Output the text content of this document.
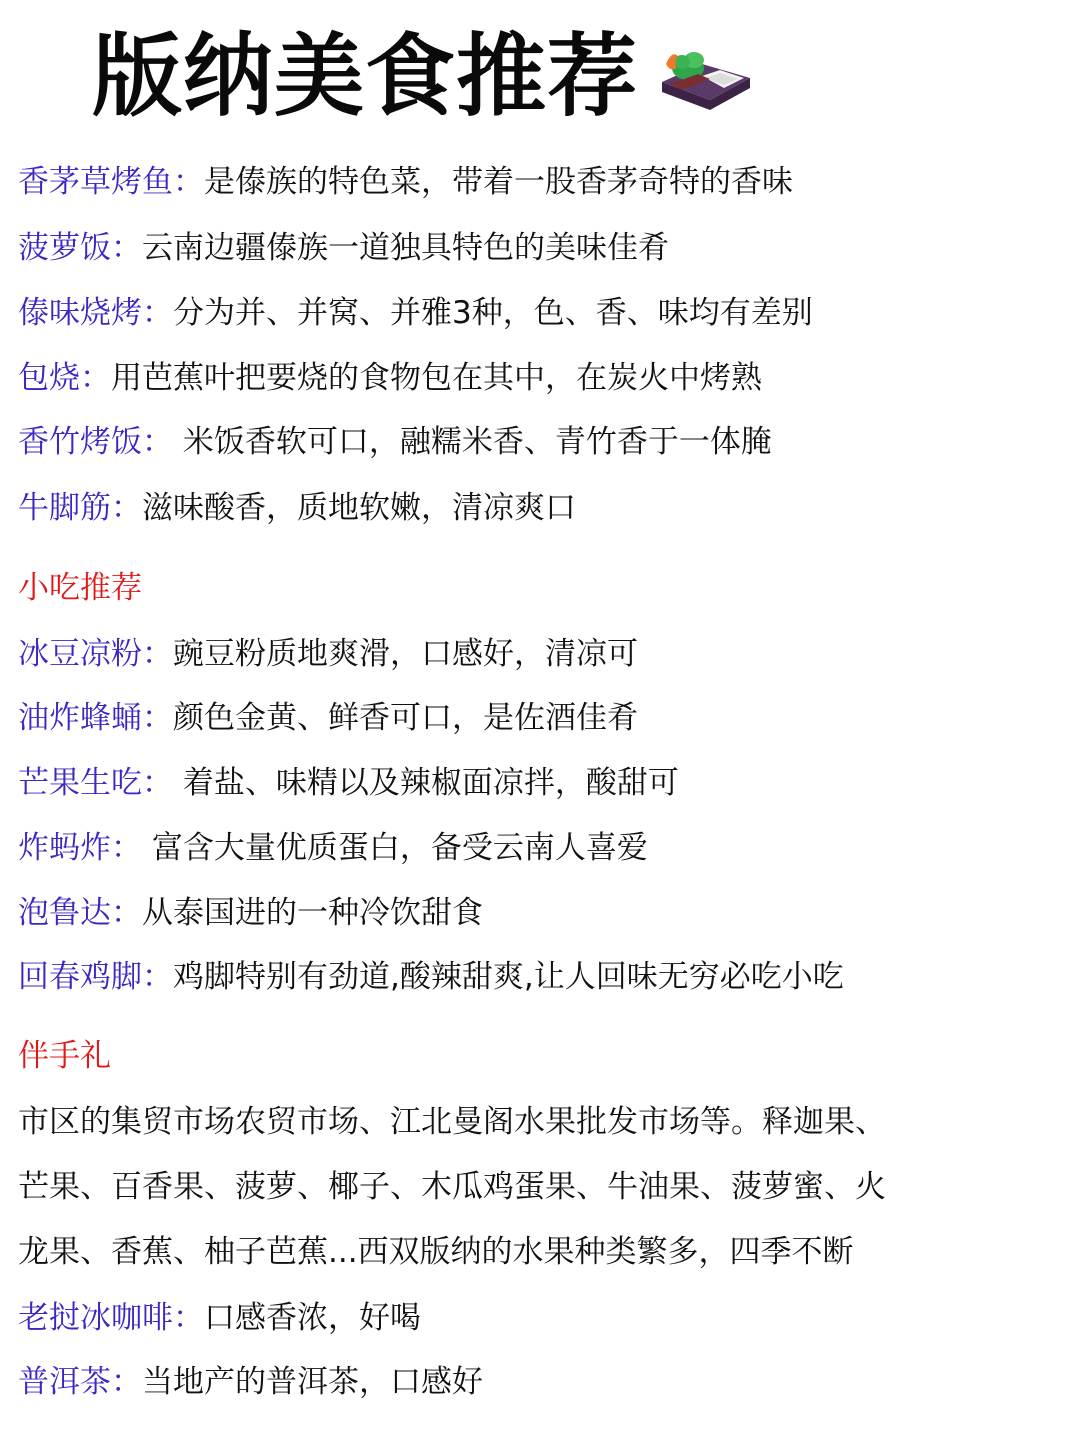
版纳美食推荐
香茅草烤鱼：是傣族的特色菜，带着一股香茅奇特的香味
菠萝饭：云南边疆傣族一道独具特色的美味佳肴
傣味烧烤：分为并、并窝、并雅3种，色、香、味均有差别
包烧：用芭蕉叶把要烧的食物包在其中，在炭火中烤熟
香竹烤饭： 米饭香软可口，融糯米香、青竹香于一体腌
牛脚筋：滋味酸香，质地软嫩，清凉爽口
小吃推荐
冰豆凉粉：豌豆粉质地爽滑，口感好，清凉可
油炸蜂蛹：颜色金黄、鲜香可口，是佐酒佳肴
芒果生吃： 着盐、味精以及辣椒面凉拌，酸甜可
炸蚂炸： 富含大量优质蛋白，备受云南人喜爱
泡鲁达：从泰国进的一种冷饮甜食
回春鸡脚：鸡脚特别有劲道,酸辣甜爽,让人回味无穷必吃小吃
伴手礼
市区的集贸市场农贸市场、江北曼阁水果批发市场等。释迦果、
芒果、百香果、菠萝、椰子、木瓜鸡蛋果、牛油果、菠萝蜜、火
龙果、香蕉、柚子芭蕉...西双版纳的水果种类繁多，四季不断
老挝冰咖啡：口感香浓，好喝
普洱茶：当地产的普洱茶，口感好
